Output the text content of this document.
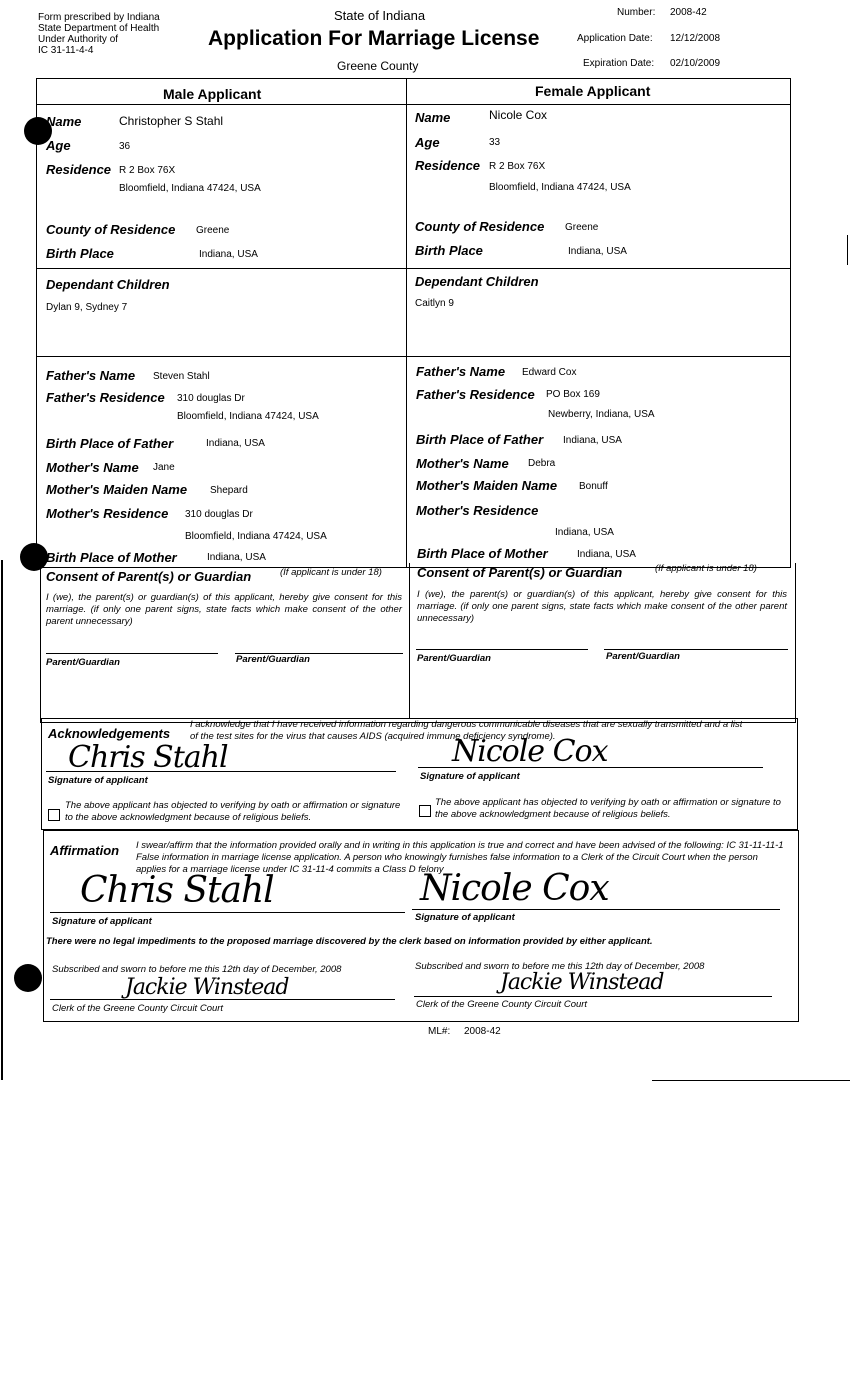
Form prescribed by Indiana
State Department of Health
Under Authority of
IC 31-11-4-4
State of Indiana
Application For Marriage License
Greene County
Number: 2008-42
Application Date: 12/12/2008
Expiration Date: 02/10/2009
Male Applicant	Female Applicant
Name	Christopher S Stahl
Age	36
Residence R 2 Box 76X
Bloomfield, Indiana 47424, USA
County of Residence Greene
Birth Place	Indiana, USA
Dependant Children
Dylan 9, Sydney 7
Father's Name Steven Stahl
Father's Residence 310 douglas Dr
Bloomfield, Indiana 47424, USA
Birth Place of Father	Indiana, USA
Mother's Name Jane
Mother's Maiden Name Shepard
Mother's Residence 310 douglas Dr
Bloomfield, Indiana 47424, USA
Birth Place of Mother	Indiana, USA
Name	Nicole Cox
Age	33
Residence R 2 Box 76X
Bloomfield, Indiana 47424, USA
County of Residence Greene
Birth Place	Indiana, USA
Dependant Children
Caitlyn 9
Father's Name Edward Cox
Father's Residence PO Box 169
Newberry, Indiana, USA
Birth Place of Father Indiana, USA
Mother's Name Debra
Mother's Maiden Name Bonuff
Mother's Residence
Indiana, USA
Birth Place of Mother	Indiana, USA
Consent of Parent(s) or Guardian	(If applicant is under 18)
I (we), the parent(s) or guardian(s) of this applicant, hereby give consent for this marriage. (if only one parent signs, state facts which make consent of the other parent unnecessary)
Parent/Guardian	Parent/Guardian
Consent of Parent(s) or Guardian	(If applicant is under 18)
I (we), the parent(s) or guardian(s) of this applicant, hereby give consent for this marriage. (if only one parent signs, state facts which make consent of the other parent unnecessary)
Parent/Guardian	Parent/Guardian
Acknowledgements
I acknowledge that I have received information regarding dangerous communicable diseases that are sexually transmitted and a list of the test sites for the virus that causes AIDS (acquired immune deficiency syndrome).
Chris Stahl	Nicole Cox
Signature of applicant	Signature of applicant
The above applicant has objected to verifying by oath or affirmation or signature to the above acknowledgment because of religious beliefs.
The above applicant has objected to verifying by oath or affirmation or signature to the above acknowledgment because of religious beliefs.
Affirmation I swear/affirm that the information provided orally and in writing in this application is true and correct and have been advised of the following: IC 31-11-11-1 False information in marriage license application. A person who knowingly furnishes false information to a Clerk of the Circuit Court when the person applies for a marriage license under IC 31-11-4 commits a Class D felony
Chris Stahl	Nicole Cox
Signature of applicant	Signature of applicant
There were no legal impediments to the proposed marriage discovered by the clerk based on information provided by either applicant.
Subscribed and sworn to before me this 12th day of December, 2008	Subscribed and sworn to before me this 12th day of December, 2008
Jackie Winstead	Jackie Winstead
Clerk of the Greene County Circuit Court	Clerk of the Greene County Circuit Court
ML#: 2008-42
